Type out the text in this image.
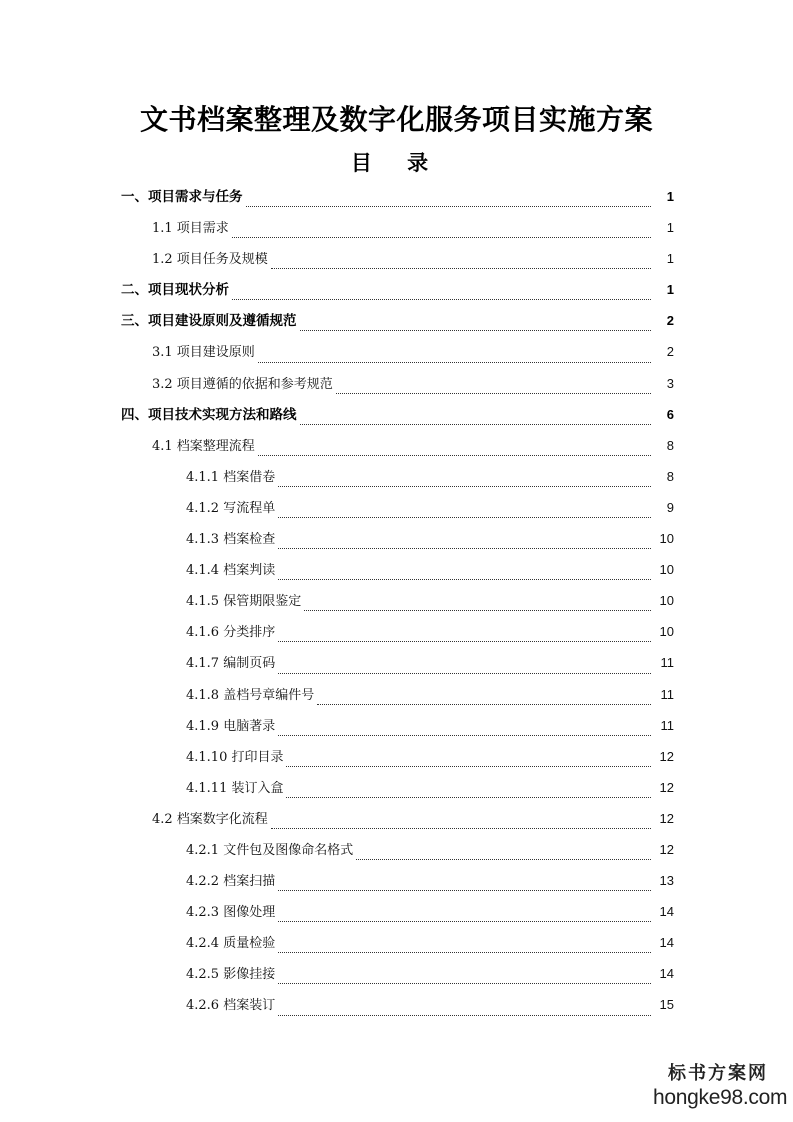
文书档案整理及数字化服务项目实施方案
目 录
一、项目需求与任务	1
1.1 项目需求	1
1.2 项目任务及规模	1
二、项目现状分析	1
三、项目建设原则及遵循规范	2
3.1 项目建设原则	2
3.2 项目遵循的依据和参考规范	3
四、项目技术实现方法和路线	6
4.1 档案整理流程	8
4.1.1 档案借卷	8
4.1.2 写流程单	9
4.1.3 档案检查	10
4.1.4 档案判读	10
4.1.5 保管期限鉴定	10
4.1.6 分类排序	10
4.1.7 编制页码	11
4.1.8 盖档号章编件号	11
4.1.9 电脑著录	11
4.1.10 打印目录	12
4.1.11 装订入盒	12
4.2 档案数字化流程	12
4.2.1 文件包及图像命名格式	12
4.2.2 档案扫描	13
4.2.3 图像处理	14
4.2.4 质量检验	14
4.2.5 影像挂接	14
4.2.6 档案装订	15
标书方案网
hongke98.com
